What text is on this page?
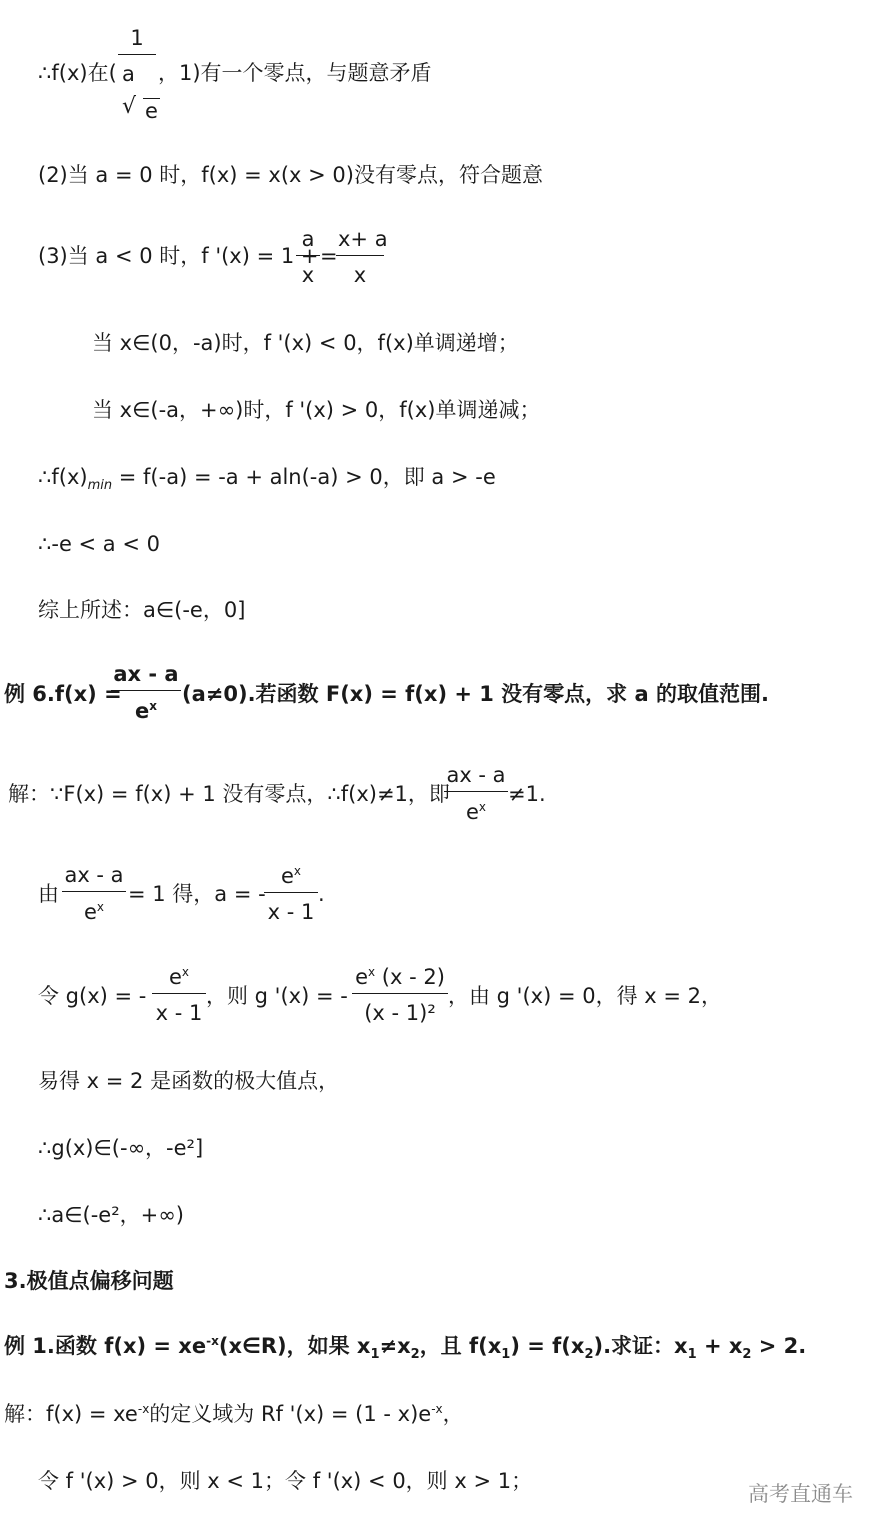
∴f(x)在( $\frac{1}{a}$
√ e
，1)有一个零点，与题意矛盾
(2)当 a = 0 时，f(x) = x(x > 0)没有零点，符合题意
(3)当 a < 0 时，f '(x) = 1 +
$\frac{a}{x}$ =
$\frac{x+ a}{x}$
当 x∈(0，‐a)时，f '(x) < 0，f(x)单调递增；
当 x∈(‐a，+∞)时，f '(x) > 0，f(x)单调递减；
$\therefore f(x)_{min}$ = f(‐a) = ‐a + aln(‐a) > 0，即 a > ‐e
∴‐e < a < 0
综上所述：a∈(‐e，0]
例 6.f(x) =
$\frac{ax ‐ a}{e^x} (a\ne 0)$.若函数 F(x) = f(x) + 1 没有零点，求 a 的取值范围.
解：∵F(x) = f(x) + 1 没有零点，∴f(x)≠1，即
$\frac{ax ‐ a}{e^x} \ne 1$.
由 $\frac{ax ‐ a}{e^x} = 1$ 得，a = ‐
$\frac{e^x}{x ‐ 1}$ .
令 g(x) = ‐ $\frac{e^x}{x ‐ 1}$ ，则 g '(x) = ‐ $\frac{e^x (x ‐ 2)}{\text{(x ‐ 1)²}}$ ，由 g '(x) = 0，得 x = 2，
易得 x = 2 是函数的极大值点，
∴g(x)∈(‐∞，‐e²]
∴a∈(‐e²，+∞)
3.极值点偏移问题
例 1.函数 $f(x) = xe^{‐x}(x\in R)$，如果 $x_1\ne x_2$，且 $f(x_1) = f(x_2)$.求证：$x_1 + x_2 > 2$.
解：$f(x) = xe^{‐x}$的定义域为 Rf '(x) = (1 ‐ $x)e^{‐x}$，
令 f '(x) > 0，则 x < 1；令 f '(x) < 0，则 x > 1；
高考直通车
